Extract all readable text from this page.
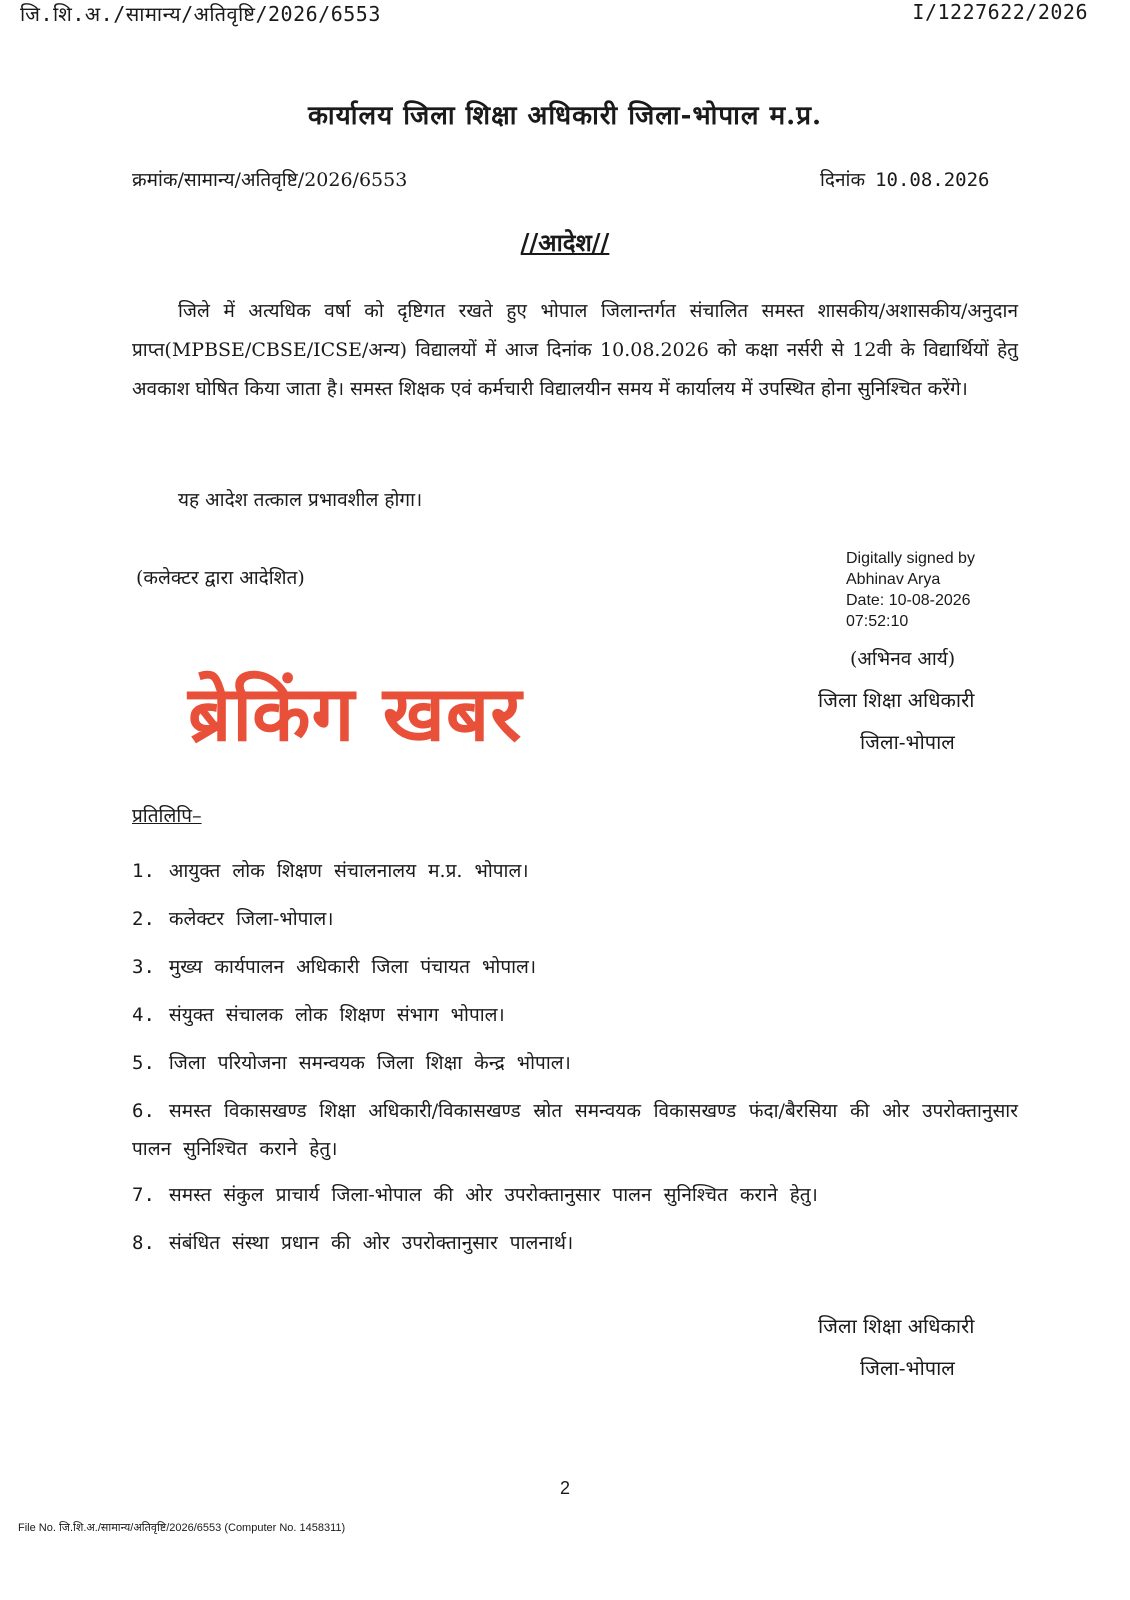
जि.शि.अ./सामान्य/अतिवृष्टि/2026/6553	I/1227622/2026
कार्यालय जिला शिक्षा अधिकारी जिला-भोपाल म.प्र.
क्रमांक/सामान्य/अतिवृष्टि/2026/6553	दिनांक 10.08.2026
//आदेश//
जिले में अत्यधिक वर्षा को दृष्टिगत रखते हुए भोपाल जिलान्तर्गत संचालित समस्त शासकीय/अशासकीय/अनुदान प्राप्त(MPBSE/CBSE/ICSE/अन्य) विद्यालयों में आज दिनांक 10.08.2026 को कक्षा नर्सरी से 12वी के विद्यार्थियों हेतु अवकाश घोषित किया जाता है। समस्त शिक्षक एवं कर्मचारी विद्यालयीन समय में कार्यालय में उपस्थित होना सुनिश्चित करेंगे।
यह आदेश तत्काल प्रभावशील होगा।
(कलेक्टर द्वारा आदेशित)
Digitally signed by
Abhinav Arya
Date: 10-08-2026
07:52:10
(अभिनव आर्य)
जिला शिक्षा अधिकारी
जिला-भोपाल
ब्रेकिंग खबर
प्रतिलिपि–
1. आयुक्त लोक शिक्षण संचालनालय म.प्र. भोपाल।
2. कलेक्टर जिला-भोपाल।
3. मुख्य कार्यपालन अधिकारी जिला पंचायत भोपाल।
4. संयुक्त संचालक लोक शिक्षण संभाग भोपाल।
5. जिला परियोजना समन्वयक जिला शिक्षा केन्द्र भोपाल।
6. समस्त विकासखण्ड शिक्षा अधिकारी/विकासखण्ड स्रोत समन्वयक विकासखण्ड फंदा/बैरसिया की ओर उपरोक्तानुसार पालन सुनिश्चित कराने हेतु।
7. समस्त संकुल प्राचार्य जिला-भोपाल की ओर उपरोक्तानुसार पालन सुनिश्चित कराने हेतु।
8. संबंधित संस्था प्रधान की ओर उपरोक्तानुसार पालनार्थ।
जिला शिक्षा अधिकारी
जिला-भोपाल
2
File No. जि.शि.अ./सामान्य/अतिवृष्टि/2026/6553 (Computer No. 1458311)
